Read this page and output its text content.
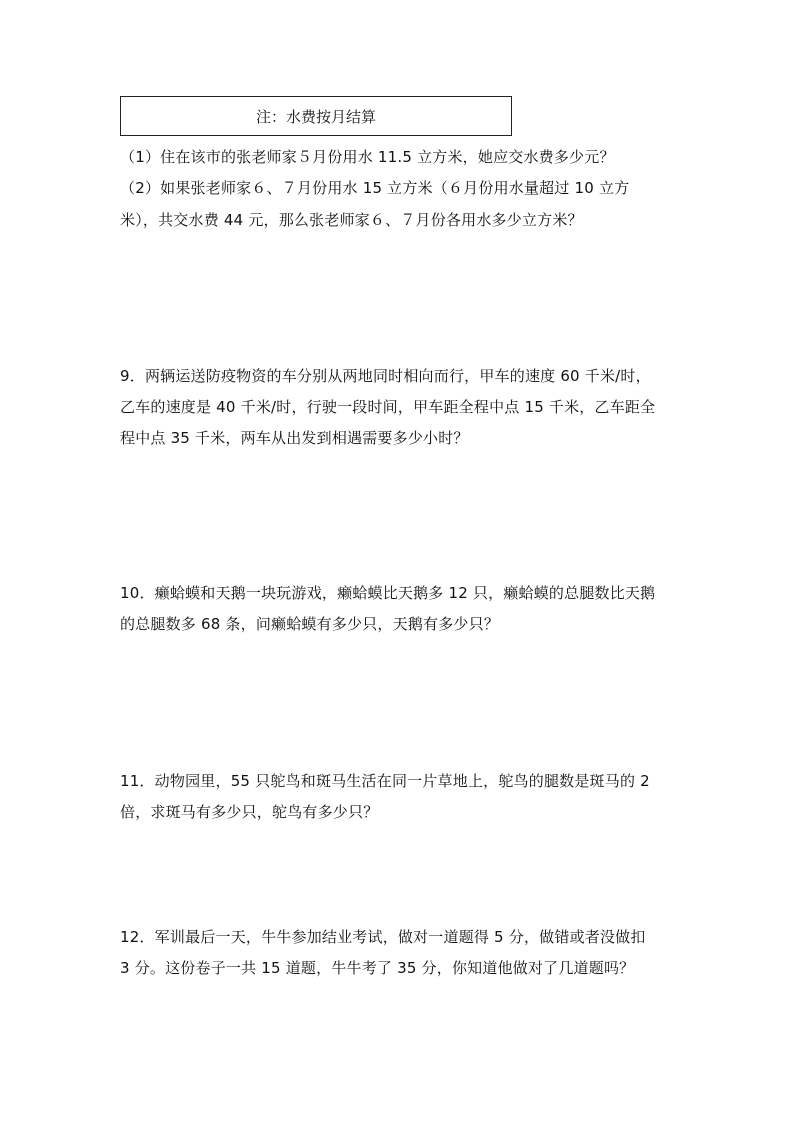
注：水费按月结算
（1）住在该市的张老师家５月份用水 11.5 立方米，她应交水费多少元？
（2）如果张老师家６、７月份用水 15 立方米（６月份用水量超过 10 立方
米），共交水费 44 元，那么张老师家６、７月份各用水多少立方米？
9．两辆运送防疫物资的车分别从两地同时相向而行，甲车的速度 60 千米/时，
乙车的速度是 40 千米/时，行驶一段时间，甲车距全程中点 15 千米，乙车距全
程中点 35 千米，两车从出发到相遇需要多少小时？
10．癞蛤蟆和天鹅一块玩游戏，癞蛤蟆比天鹅多 12 只，癞蛤蟆的总腿数比天鹅
的总腿数多 68 条，问癞蛤蟆有多少只，天鹅有多少只？
11．动物园里，55 只鸵鸟和斑马生活在同一片草地上，鸵鸟的腿数是斑马的 2
倍，求斑马有多少只，鸵鸟有多少只？
12．军训最后一天，牛牛参加结业考试，做对一道题得 5 分，做错或者没做扣
3 分。这份卷子一共 15 道题，牛牛考了 35 分，你知道他做对了几道题吗？
